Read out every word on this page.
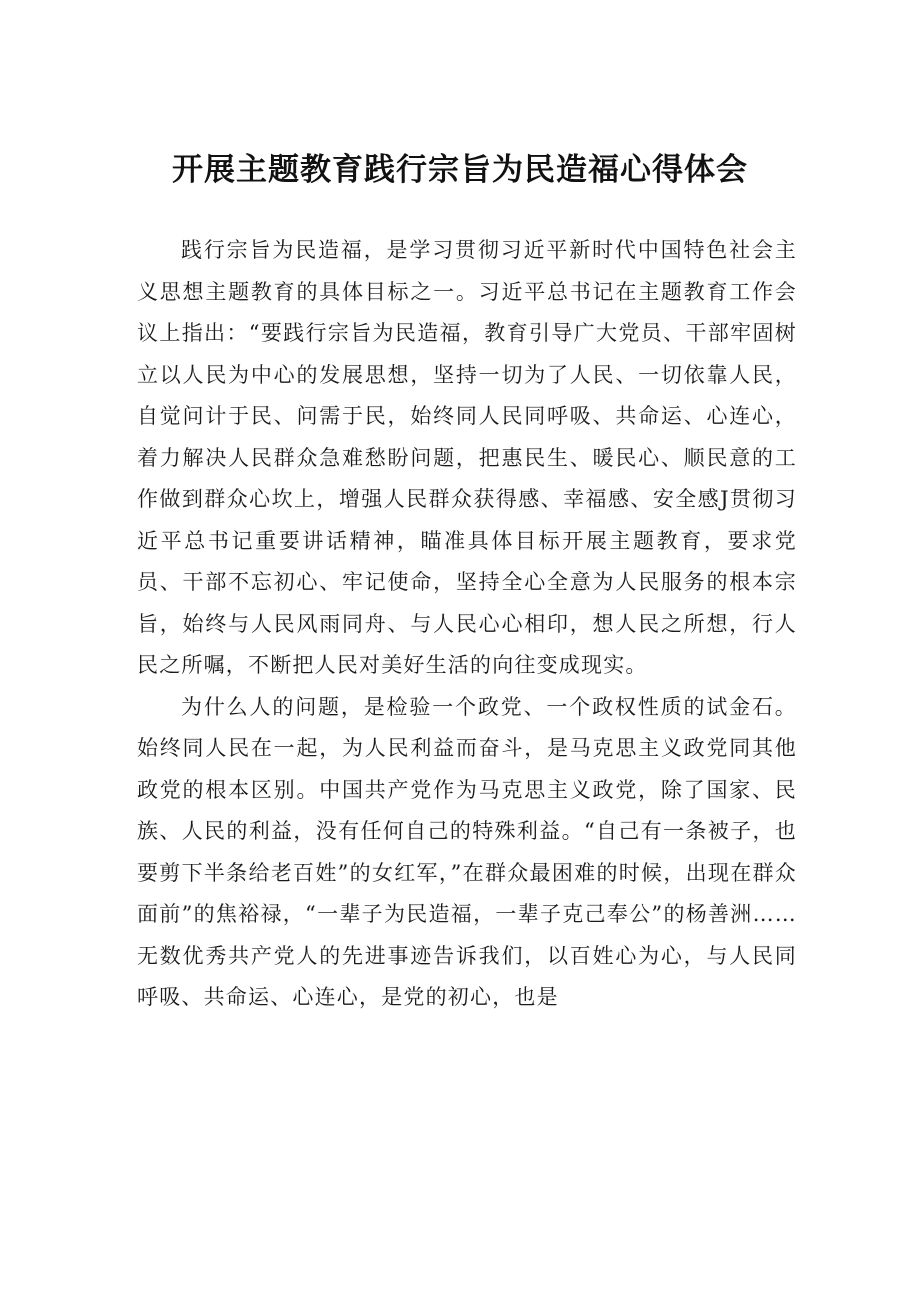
开展主题教育践行宗旨为民造福心得体会

践行宗旨为民造福，是学习贯彻习近平新时代中国特色社会主义思想主题教育的具体目标之一。习近平总书记在主题教育工作会议上指出：“要践行宗旨为民造福，教育引导广大党员、干部牢固树立以人民为中心的发展思想，坚持一切为了人民、一切依靠人民，自觉问计于民、问需于民，始终同人民同呼吸、共命运、心连心，着力解决人民群众急难愁盼问题，把惠民生、暖民心、顺民意的工作做到群众心坎上，增强人民群众获得感、幸福感、安全感J贯彻习近平总书记重要讲话精神，瞄准具体目标开展主题教育，要求党员、干部不忘初心、牢记使命，坚持全心全意为人民服务的根本宗旨，始终与人民风雨同舟、与人民心心相印，想人民之所想，行人民之所嘱，不断把人民对美好生活的向往变成现实。

为什么人的问题，是检验一个政党、一个政权性质的试金石。始终同人民在一起，为人民利益而奋斗，是马克思主义政党同其他政党的根本区别。中国共产党作为马克思主义政党，除了国家、民族、人民的利益，没有任何自己的特殊利益。“自己有一条被子，也要剪下半条给老百姓”的女红军，”在群众最困难的时候，出现在群众面前”的焦裕禄，“一辈子为民造福，一辈子克己奉公”的杨善洲……无数优秀共产党人的先进事迹告诉我们，以百姓心为心，与人民同呼吸、共命运、心连心，是党的初心，也是
